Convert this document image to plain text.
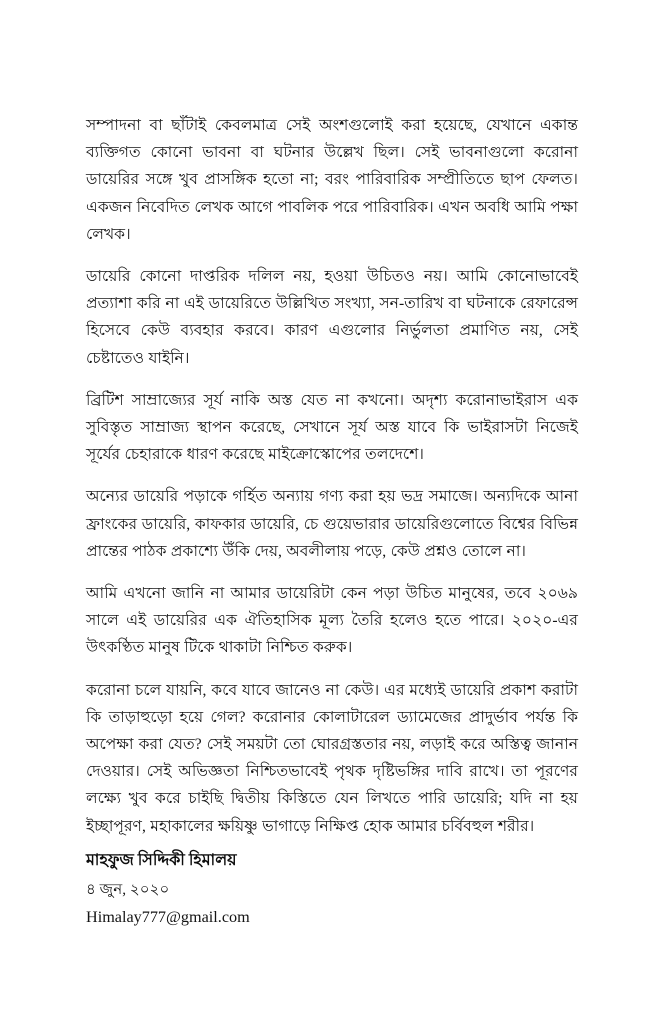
সম্পাদনা বা ছাঁটাই কেবলমাত্র সেই অংশগুলোই করা হয়েছে, যেখানে একান্ত ব্যক্তিগত কোনো ভাবনা বা ঘটনার উল্লেখ ছিল। সেই ভাবনাগুলো করোনা ডায়েরির সঙ্গে খুব প্রাসঙ্গিক হতো না; বরং পারিবারিক সম্প্রীতিতে ছাপ ফেলত। একজন নিবেদিত লেখক আগে পাবলিক পরে পারিবারিক। এখন অবধি আমি পক্ষা লেখক।

ডায়েরি কোনো দাপ্তরিক দলিল নয়, হওয়া উচিতও নয়। আমি কোনোভাবেই প্রত্যাশা করি না এই ডায়েরিতে উল্লিখিত সংখ্যা, সন-তারিখ বা ঘটনাকে রেফারেন্স হিসেবে কেউ ব্যবহার করবে। কারণ এগুলোর নির্ভুলতা প্রমাণিত নয়, সেই চেষ্টাতেও যাইনি।

ব্রিটিশ সাম্রাজ্যের সূর্য নাকি অস্ত যেত না কখনো। অদৃশ্য করোনাভাইরাস এক সুবিস্তৃত সাম্রাজ্য স্থাপন করেছে, সেখানে সূর্য অস্ত যাবে কি ভাইরাসটা নিজেই সূর্যের চেহারাকে ধারণ করেছে মাইক্রোস্কোপের তলদেশে।

অন্যের ডায়েরি পড়াকে গর্হিত অন্যায় গণ্য করা হয় ভদ্র সমাজে। অন্যদিকে আনা ফ্রাংকের ডায়েরি, কাফকার ডায়েরি, চে গুয়েভারার ডায়েরিগুলোতে বিশ্বের বিভিন্ন প্রান্তের পাঠক প্রকাশ্যে উঁকি দেয়, অবলীলায় পড়ে, কেউ প্রশ্নও তোলে না।

আমি এখনো জানি না আমার ডায়েরিটা কেন পড়া উচিত মানুষের, তবে ২০৬৯ সালে এই ডায়েরির এক ঐতিহাসিক মূল্য তৈরি হলেও হতে পারে। ২০২০-এর উৎকণ্ঠিত মানুষ টিকে থাকাটা নিশ্চিত করুক।

করোনা চলে যায়নি, কবে যাবে জানেও না কেউ। এর মধ্যেই ডায়েরি প্রকাশ করাটা কি তাড়াহুড়ো হয়ে গেল? করোনার কোলাটারেল ড্যামেজের প্রাদুর্ভাব পর্যন্ত কি অপেক্ষা করা যেত? সেই সময়টা তো ঘোরগ্রস্ততার নয়, লড়াই করে অস্তিত্ব জানান দেওয়ার। সেই অভিজ্ঞতা নিশ্চিতভাবেই পৃথক দৃষ্টিভঙ্গির দাবি রাখে। তা পূরণের লক্ষ্যে খুব করে চাইছি দ্বিতীয় কিস্তিতে যেন লিখতে পারি ডায়েরি; যদি না হয় ইচ্ছাপূরণ, মহাকালের ক্ষয়িষ্ণু ভাগাড়ে নিক্ষিপ্ত হোক আমার চর্বিবহুল শরীর।

মাহফুজ সিদ্দিকী হিমালয়
৪ জুন, ২০২০
Himalay777@gmail.com
